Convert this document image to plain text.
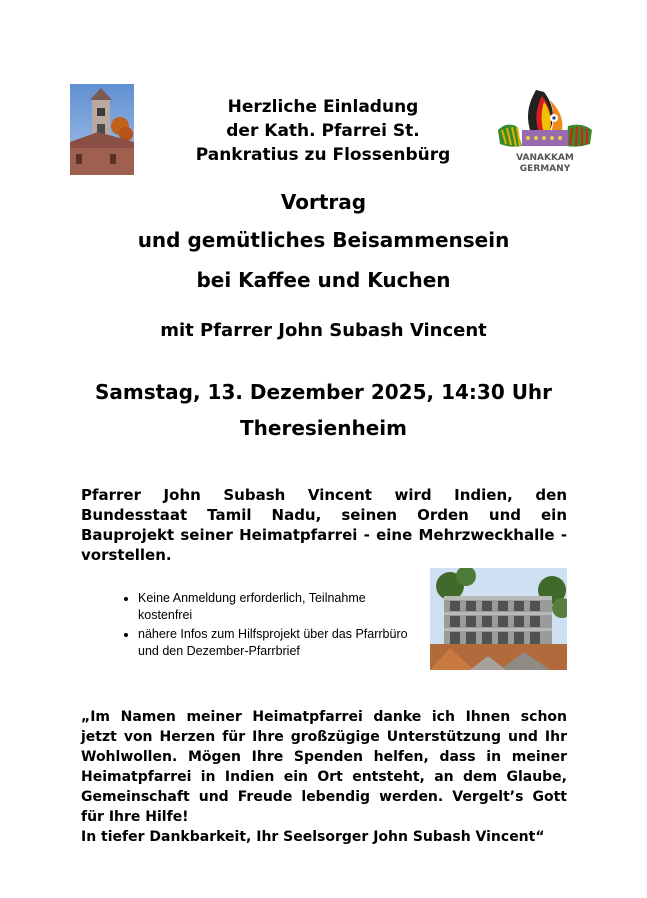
Herzliche Einladung
der Kath. Pfarrei St.
Pankratius zu Flossenbürg	VANAKKAM
GERMANY
Vortrag
und gemütliches Beisammensein
bei Kaffee und Kuchen
mit Pfarrer John Subash Vincent
Samstag, 13. Dezember 2025, 14:30 Uhr
Theresienheim
Pfarrer John Subash Vincent wird Indien, den Bundesstaat Tamil Nadu, seinen Orden und ein Bauprojekt seiner Heimatpfarrei - eine Mehrzweckhalle - vorstellen.
• Keine Anmeldung erforderlich, Teilnahme kostenfrei
• nähere Infos zum Hilfsprojekt über das Pfarrbüro und den Dezember-Pfarrbrief
„Im Namen meiner Heimatpfarrei danke ich Ihnen schon jetzt von Herzen für Ihre großzügige Unterstützung und Ihr Wohlwollen. Mögen Ihre Spenden helfen, dass in meiner Heimatpfarrei in Indien ein Ort entsteht, an dem Glaube, Gemeinschaft und Freude lebendig werden. Vergelt’s Gott für Ihre Hilfe!
In tiefer Dankbarkeit, Ihr Seelsorger John Subash Vincent“
